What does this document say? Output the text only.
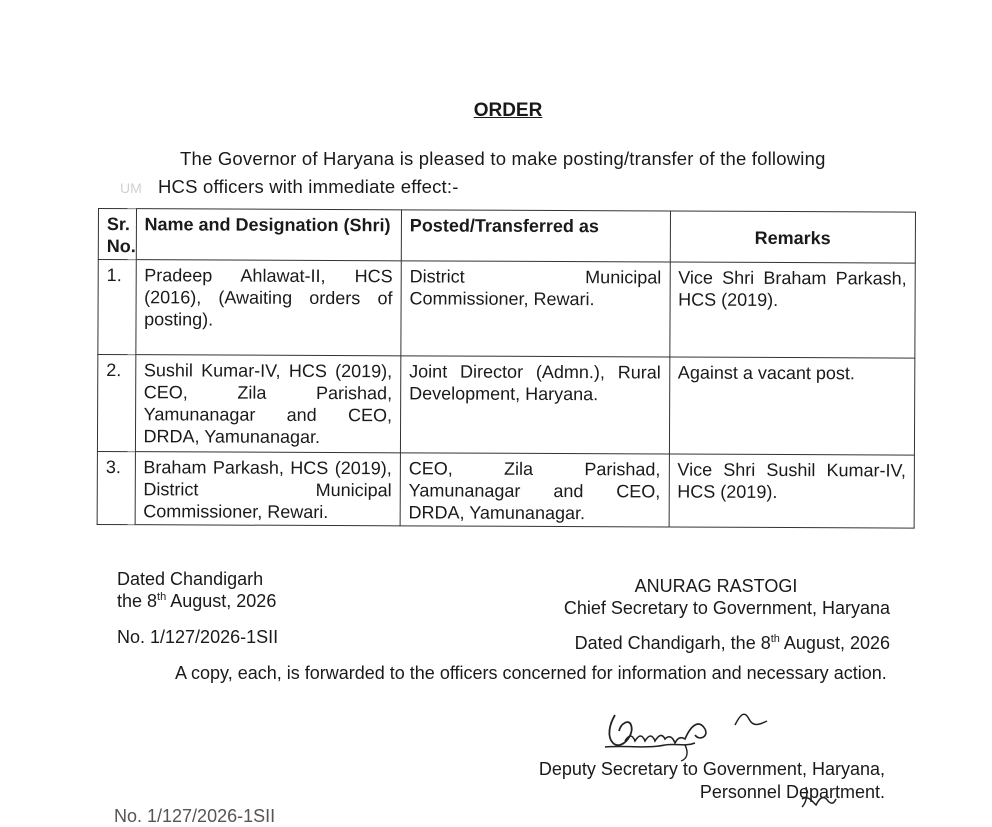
ORDER
The Governor of Haryana is pleased to make posting/transfer of the following
HCS officers with immediate effect:-
UM
Sr. No.	Name and Designation (Shri)	Posted/Transferred as	Remarks
1.	Pradeep Ahlawat-II, HCS (2016), (Awaiting orders of posting).	District Municipal Commissioner, Rewari.	Vice Shri Braham Parkash, HCS (2019).
2.	Sushil Kumar-IV, HCS (2019), CEO, Zila Parishad, Yamunanagar and CEO, DRDA, Yamunanagar.	Joint Director (Admn.), Rural Development, Haryana.	Against a vacant post.
3.	Braham Parkash, HCS (2019), District Municipal Commissioner, Rewari.	CEO, Zila Parishad, Yamunanagar and CEO, DRDA, Yamunanagar.	Vice Shri Sushil Kumar-IV, HCS (2019).
Dated Chandigarh
the 8th August, 2026
ANURAG RASTOGI
Chief Secretary to Government, Haryana
No. 1/127/2026-1SII	Dated Chandigarh, the 8th August, 2026
A copy, each, is forwarded to the officers concerned for information and necessary action.
Deputy Secretary to Government, Haryana,
Personnel Department.
No. 1/127/2026-1SII
